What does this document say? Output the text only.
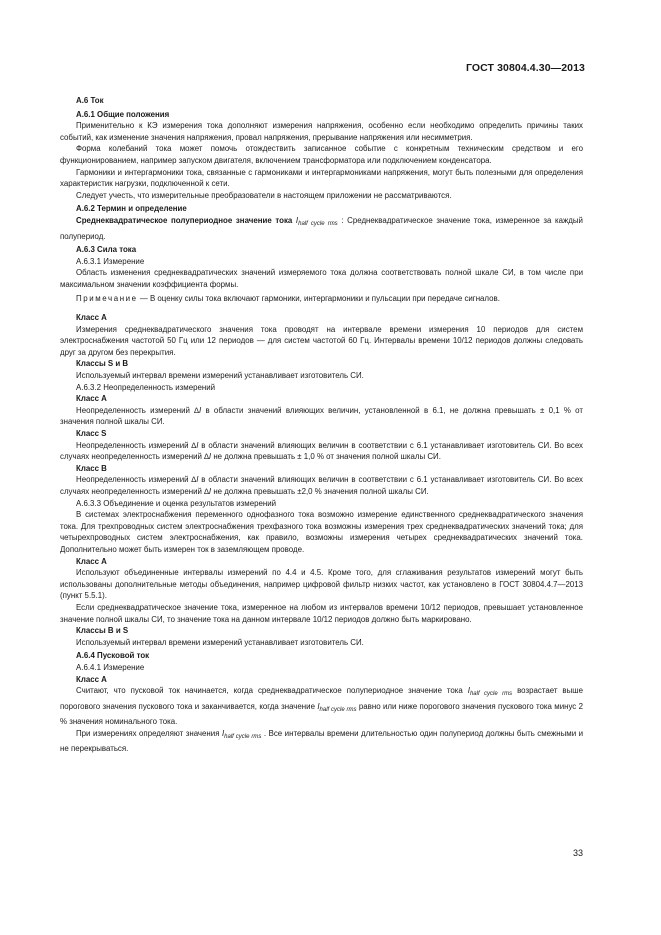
ГОСТ 30804.4.30—2013

А.6 Ток

А.6.1 Общие положения

Применительно к КЭ измерения тока дополняют измерения напряжения, особенно если необходимо определить причины таких событий, как изменение значения напряжения, провал напряжения, прерывание напряжения или несимметрия.

Форма колебаний тока может помочь отождествить записанное событие с конкретным техническим средством и его функционированием, например запуском двигателя, включением трансформатора или подключением конденсатора.

Гармоники и интергармоники тока, связанные с гармониками и интергармониками напряжения, могут быть полезными для определения характеристик нагрузки, подключенной к сети.

Следует учесть, что измерительные преобразователи в настоящем приложении не рассматриваются.

А.6.2 Термин и определение

Среднеквадратическое полупериодное значение тока $I_{half cycle rms}$ : Среднеквадратическое значение тока, измеренное за каждый полупериод.

А.6.3 Сила тока

А.6.3.1 Измерение

Область изменения среднеквадратических значений измеряемого тока должна соответствовать полной шкале СИ, в том числе при максимальном значении коэффициента формы.

Примечание — В оценку силы тока включают гармоники, интергармоники и пульсации при передаче сигналов.

Класс А

Измерения среднеквадратического значения тока проводят на интервале времени измерения 10 периодов для систем электроснабжения частотой 50 Гц или 12 периодов — для систем частотой 60 Гц. Интервалы времени 10/12 периодов должны следовать друг за другом без перекрытия.

Классы S и В

Используемый интервал времени измерений устанавливает изготовитель СИ.

А.6.3.2 Неопределенность измерений

Класс А

Неопределенность измерений ∆I в области значений влияющих величин, установленной в 6.1, не должна превышать ± 0,1 % от значения полной шкалы СИ.

Класс S

Неопределенность измерений ∆I в области значений влияющих величин в соответствии с 6.1 устанавливает изготовитель СИ. Во всех случаях неопределенность измерений ∆I не должна превышать ± 1,0 % от значения полной шкалы СИ.

Класс В

Неопределенность измерений ∆I в области значений влияющих величин в соответствии с 6.1 устанавливает изготовитель СИ. Во всех случаях неопределенность измерений ∆I не должна превышать ±2,0 % значения полной шкалы СИ.

А.6.3.3 Объединение и оценка результатов измерений

В системах электроснабжения переменного однофазного тока возможно измерение единственного среднеквадратического значения тока. Для трехпроводных систем электроснабжения трехфазного тока возможны измерения трех среднеквадратических значений тока; для четырехпроводных систем электроснабжения, как правило, возможны измерения четырех среднеквадратических значений тока. Дополнительно может быть измерен ток в заземляющем проводе.

Класс А

Используют объединенные интервалы измерений по 4.4 и 4.5. Кроме того, для сглаживания результатов измерений могут быть использованы дополнительные методы объединения, например цифровой фильтр низких частот, как установлено в ГОСТ 30804.4.7—2013 (пункт 5.5.1).

Если среднеквадратическое значение тока, измеренное на любом из интервалов времени 10/12 периодов, превышает установленное значение полной шкалы СИ, то значение тока на данном интервале 10/12 периодов должно быть маркировано.

Классы В и S

Используемый интервал времени измерений устанавливает изготовитель СИ.

А.6.4 Пусковой ток

А.6.4.1 Измерение

Класс А

Считают, что пусковой ток начинается, когда среднеквадратическое полупериодное значение тока $I_{half cycle rms}$ возрастает выше порогового значения пускового тока и заканчивается, когда значение $I_{half cycle rms}$ равно или ниже порогового значения пускового тока минус 2 % значения номинального тока.

При измерениях определяют значения $I_{half cycle rms}$ . Все интервалы времени длительностью один полупериод должны быть смежными и не перекрываться.

33
